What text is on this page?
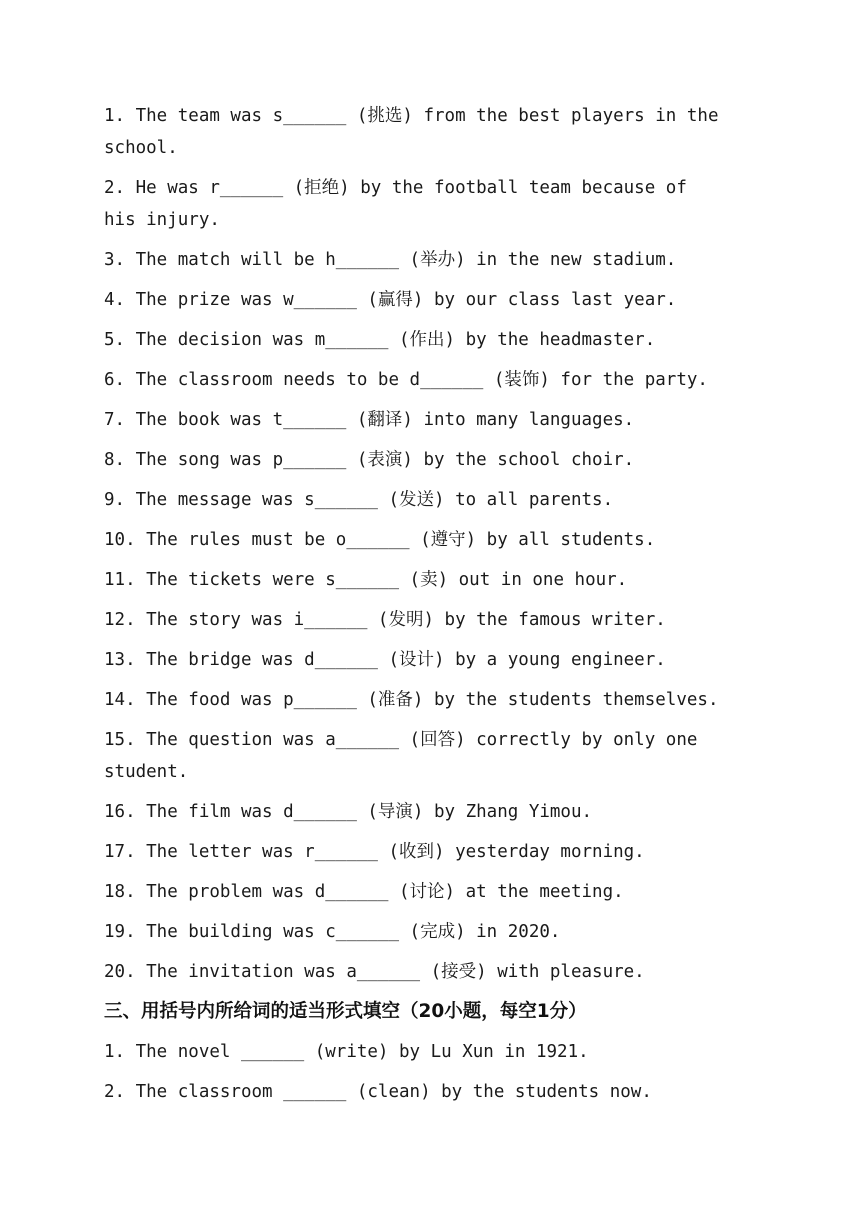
1. The team was s______ (挑选) from the best players in the school.

2. He was r______ (拒绝) by the football team because of his injury.

3. The match will be h______ (举办) in the new stadium.

4. The prize was w______ (赢得) by our class last year.

5. The decision was m______ (作出) by the headmaster.

6. The classroom needs to be d______ (装饰) for the party.

7. The book was t______ (翻译) into many languages.

8. The song was p______ (表演) by the school choir.

9. The message was s______ (发送) to all parents.

10. The rules must be o______ (遵守) by all students.

11. The tickets were s______ (卖) out in one hour.

12. The story was i______ (发明) by the famous writer.

13. The bridge was d______ (设计) by a young engineer.

14. The food was p______ (准备) by the students themselves.

15. The question was a______ (回答) correctly by only one student.

16. The film was d______ (导演) by Zhang Yimou.

17. The letter was r______ (收到) yesterday morning.

18. The problem was d______ (讨论) at the meeting.

19. The building was c______ (完成) in 2020.

20. The invitation was a______ (接受) with pleasure.

三、用括号内所给词的适当形式填空（20小题，每空1分）

1. The novel ______ (write) by Lu Xun in 1921.

2. The classroom ______ (clean) by the students now.
